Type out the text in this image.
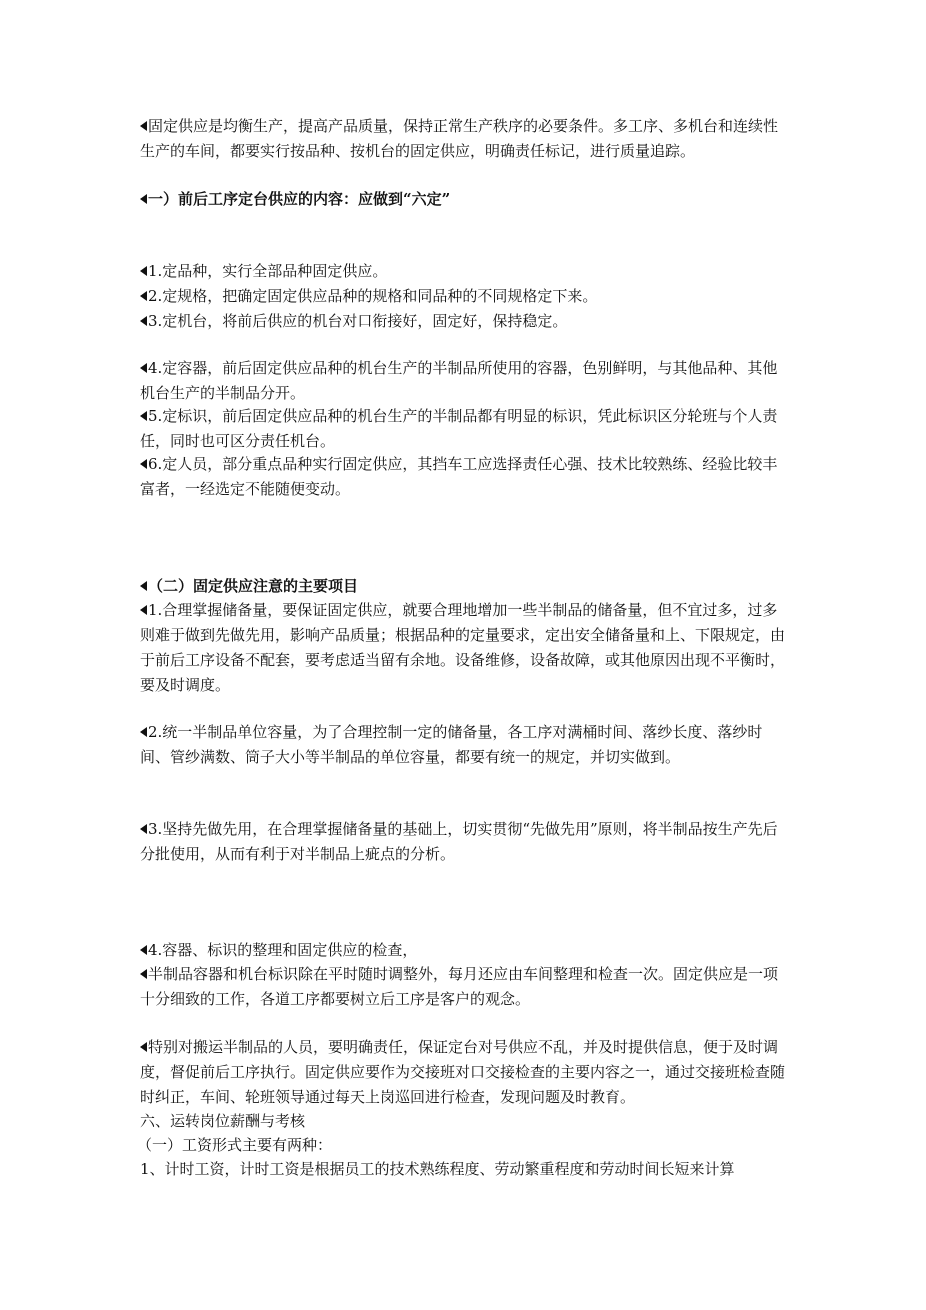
固定供应是均衡生产，提高产品质量，保持正常生产秩序的必要条件。多工序、多机台和连续性生产的车间，都要实行按品种、按机台的固定供应，明确责任标记，进行质量追踪。
一）前后工序定台供应的内容：应做到“六定”
1.定品种，实行全部品种固定供应。
2.定规格，把确定固定供应品种的规格和同品种的不同规格定下来。
3.定机台，将前后供应的机台对口衔接好，固定好，保持稳定。
4.定容器，前后固定供应品种的机台生产的半制品所使用的容器，色别鲜明，与其他品种、其他机台生产的半制品分开。
5.定标识，前后固定供应品种的机台生产的半制品都有明显的标识，凭此标识区分轮班与个人责任，同时也可区分责任机台。
6.定人员，部分重点品种实行固定供应，其挡车工应选择责任心强、技术比较熟练、经验比较丰富者，一经选定不能随便变动。
（二）固定供应注意的主要项目
1.合理掌握储备量，要保证固定供应，就要合理地增加一些半制品的储备量，但不宜过多，过多则难于做到先做先用，影响产品质量；根据品种的定量要求，定出安全储备量和上、下限规定，由于前后工序设备不配套，要考虑适当留有余地。设备维修，设备故障，或其他原因出现不平衡时，要及时调度。
2.统一半制品单位容量，为了合理控制一定的储备量，各工序对满桶时间、落纱长度、落纱时间、管纱满数、筒子大小等半制品的单位容量，都要有统一的规定，并切实做到。
3.坚持先做先用，在合理掌握储备量的基础上，切实贯彻“先做先用”原则，将半制品按生产先后分批使用，从而有利于对半制品上疵点的分析。
4.容器、标识的整理和固定供应的检查，
半制品容器和机台标识除在平时随时调整外，每月还应由车间整理和检查一次。固定供应是一项十分细致的工作，各道工序都要树立后工序是客户的观念。
特别对搬运半制品的人员，要明确责任，保证定台对号供应不乱，并及时提供信息，便于及时调度，督促前后工序执行。固定供应要作为交接班对口交接检查的主要内容之一，通过交接班检查随时纠正，车间、轮班领导通过每天上岗巡回进行检查，发现问题及时教育。
六、运转岗位薪酬与考核
（一）工资形式主要有两种：
1、计时工资，计时工资是根据员工的技术熟练程度、劳动繁重程度和劳动时间长短来计算
